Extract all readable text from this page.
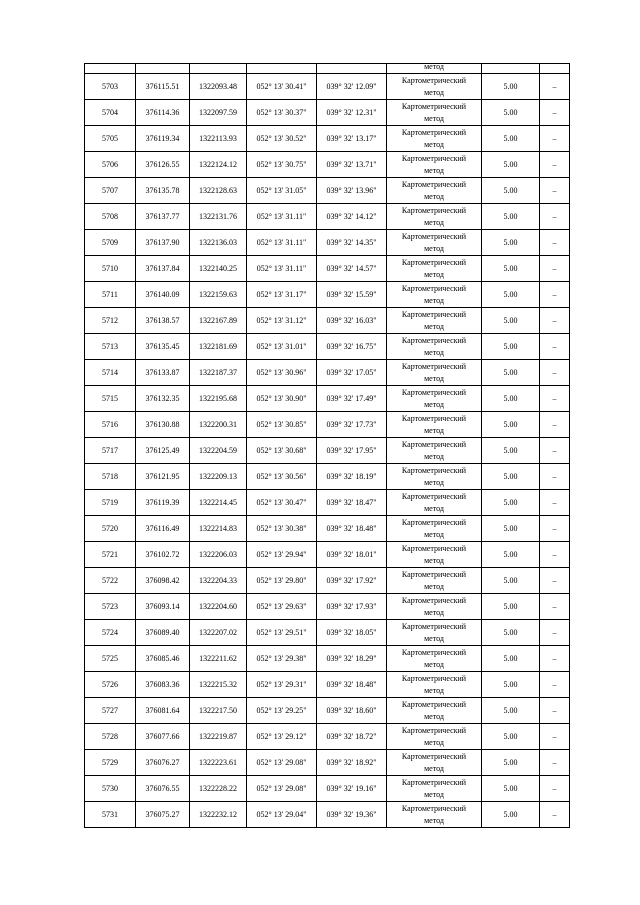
					метод		

5703	376115.51	1322093.48	052° 13' 30.41"	039° 32' 12.09"	Картометрический
метод	5.00	–
5704	376114.36	1322097.59	052° 13' 30.37"	039° 32' 12.31"	Картометрический
метод	5.00	–
5705	376119.34	1322113.93	052° 13' 30.52"	039° 32' 13.17"	Картометрический
метод	5.00	–
5706	376126.55	1322124.12	052° 13' 30.75"	039° 32' 13.71"	Картометрический
метод	5.00	–
5707	376135.78	1322128.63	052° 13' 31.05"	039° 32' 13.96"	Картометрический
метод	5.00	–
5708	376137.77	1322131.76	052° 13' 31.11"	039° 32' 14.12"	Картометрический
метод	5.00	–
5709	376137.90	1322136.03	052° 13' 31.11"	039° 32' 14.35"	Картометрический
метод	5.00	–
5710	376137.84	1322140.25	052° 13' 31.11"	039° 32' 14.57"	Картометрический
метод	5.00	–
5711	376140.09	1322159.63	052° 13' 31.17"	039° 32' 15.59"	Картометрический
метод	5.00	–
5712	376138.57	1322167.89	052° 13' 31.12"	039° 32' 16.03"	Картометрический
метод	5.00	–
5713	376135.45	1322181.69	052° 13' 31.01"	039° 32' 16.75"	Картометрический
метод	5.00	–
5714	376133.87	1322187.37	052° 13' 30.96"	039° 32' 17.05"	Картометрический
метод	5.00	–
5715	376132.35	1322195.68	052° 13' 30.90"	039° 32' 17.49"	Картометрический
метод	5.00	–
5716	376130.88	1322200.31	052° 13' 30.85"	039° 32' 17.73"	Картометрический
метод	5.00	–
5717	376125.49	1322204.59	052° 13' 30.68"	039° 32' 17.95"	Картометрический
метод	5.00	–
5718	376121.95	1322209.13	052° 13' 30.56"	039° 32' 18.19"	Картометрический
метод	5.00	–
5719	376119.39	1322214.45	052° 13' 30.47"	039° 32' 18.47"	Картометрический
метод	5.00	–
5720	376116.49	1322214.83	052° 13' 30.38"	039° 32' 18.48"	Картометрический
метод	5.00	–
5721	376102.72	1322206.03	052° 13' 29.94"	039° 32' 18.01"	Картометрический
метод	5.00	–
5722	376098.42	1322204.33	052° 13' 29.80"	039° 32' 17.92"	Картометрический
метод	5.00	–
5723	376093.14	1322204.60	052° 13' 29.63"	039° 32' 17.93"	Картометрический
метод	5.00	–
5724	376089.40	1322207.02	052° 13' 29.51"	039° 32' 18.05"	Картометрический
метод	5.00	–
5725	376085.46	1322211.62	052° 13' 29.38"	039° 32' 18.29"	Картометрический
метод	5.00	–
5726	376083.36	1322215.32	052° 13' 29.31"	039° 32' 18.48"	Картометрический
метод	5.00	–
5727	376081.64	1322217.50	052° 13' 29.25"	039° 32' 18.60"	Картометрический
метод	5.00	–
5728	376077.66	1322219.87	052° 13' 29.12"	039° 32' 18.72"	Картометрический
метод	5.00	–
5729	376076.27	1322223.61	052° 13' 29.08"	039° 32' 18.92"	Картометрический
метод	5.00	–
5730	376076.55	1322228.22	052° 13' 29.08"	039° 32' 19.16"	Картометрический
метод	5.00	–
5731	376075.27	1322232.12	052° 13' 29.04"	039° 32' 19.36"	Картометрический
метод	5.00	–
